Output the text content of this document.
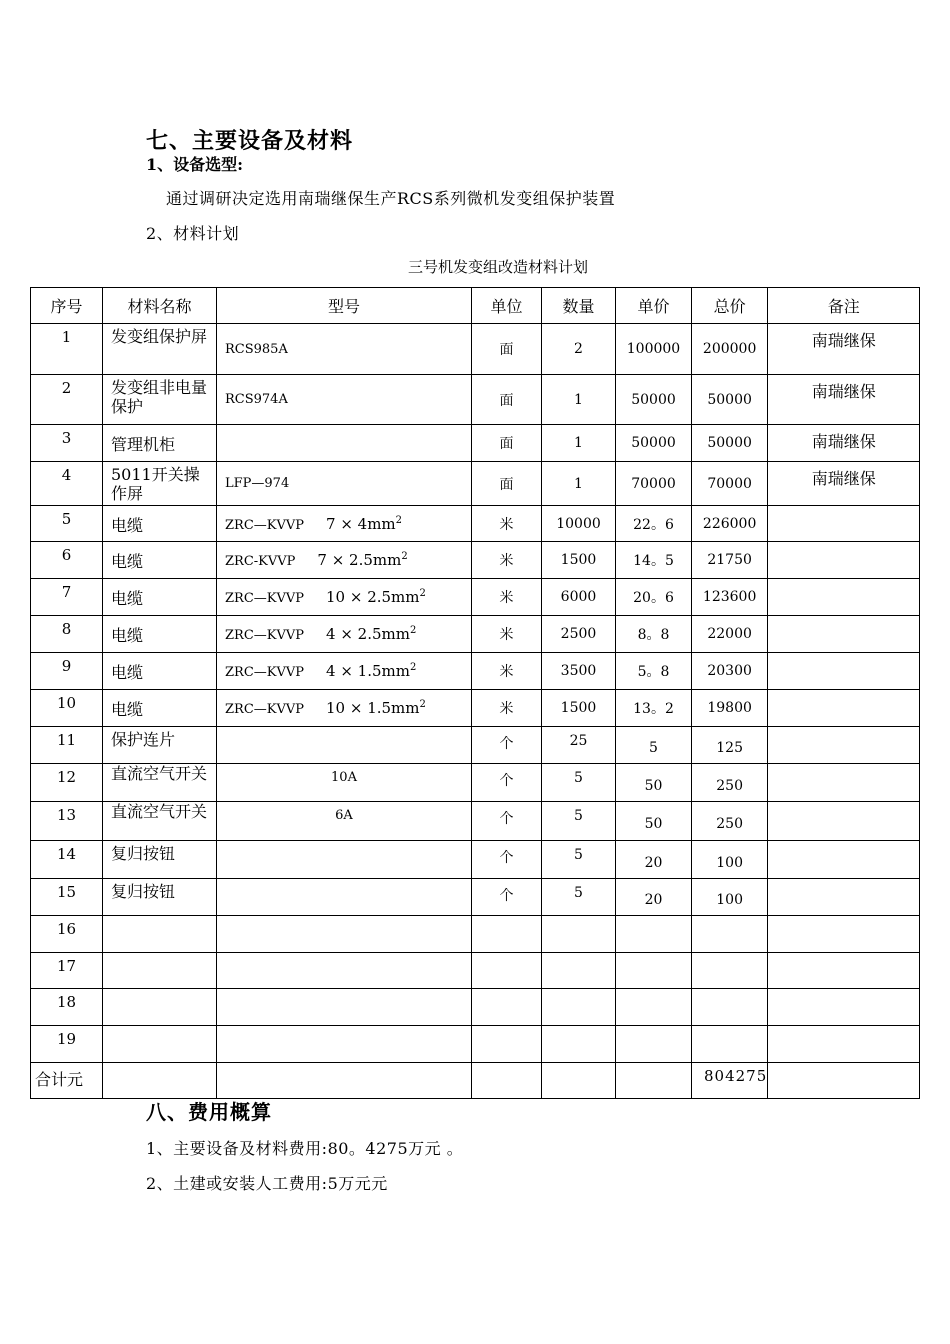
七、主要设备及材料
1、设备选型:
通过调研决定选用南瑞继保生产RCS系列微机发变组保护装置
2、材料计划
三号机发变组改造材料计划
序号	材料名称	型号	单位	数量	单价	总价	备注
1	发变组保护屏	RCS985A	面	2	100000	200000	南瑞继保
2	发变组非电量保护	RCS974A	面	1	50000	50000	南瑞继保
3	管理机柜		面	1	50000	50000	南瑞继保
4	5011开关操作屏	LFP—974	面	1	70000	70000	南瑞继保
5	电缆	ZRC—KVVP $7 \times 4mm^2$	米	10000	22。6	226000	
6	电缆	ZRC-KVVP $7 \times 2.5mm^2$	米	1500	14。5	21750	
7	电缆	ZRC—KVVP $10 \times 2.5mm^2$	米	6000	20。6	123600	
8	电缆	ZRC—KVVP $4 \times 2.5mm^2$	米	2500	8。8	22000	
9	电缆	ZRC—KVVP $4 \times 1.5mm^2$	米	3500	5。8	20300	
10	电缆	ZRC—KVVP $10 \times 1.5mm^2$	米	1500	13。2	19800	
11	保护连片		个	25	5	125	
12	直流空气开关	10A	个	5	50	250	
13	直流空气开关	6A	个	5	50	250	
14	复归按钮		个	5	20	100	
15	复归按钮		个	5	20	100	
16							
17							
18							
19							
合计元						804275	
八、费用概算
1、主要设备及材料费用:80。4275万元 。
2、土建或安装人工费用:5万元元
